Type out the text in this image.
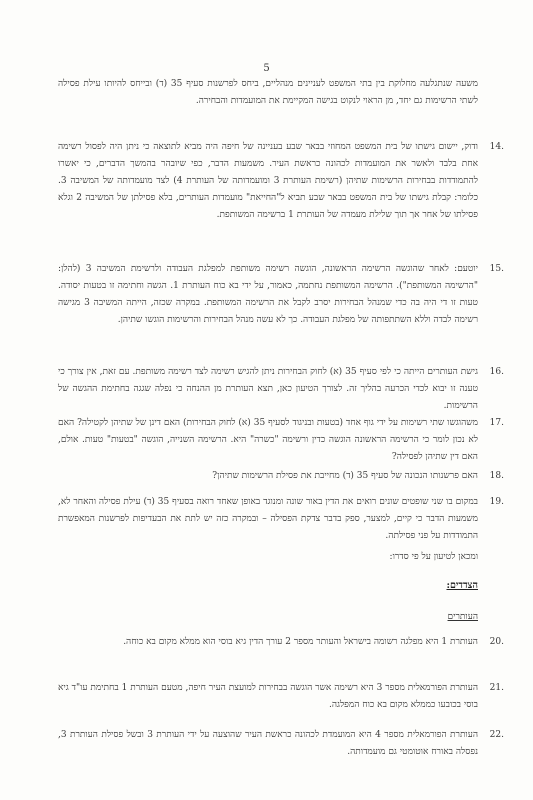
5
משעה שנתגלעה מחלוקת בין בתי המשפט לעניינים מנהליים, ביחס לפרשנות סעיף 35 (ד) ובייחס להיותו עילת פסילה לשתי הרשימות גם יחד, מן הראוי לנקוט בגישה המקיימת את המועמדות והבחירה.
14.
ודוק, יישום גישתו של בית המשפט המחוזי בבאר שבע בעניינה של חיפה היה מביא לתוצאה כי ניתן היה לפסול רשימה אחת בלבד ולאשר את המועמדות לכהונה כראשת העיר. משמעות הדבר, כפי שיובהר בהמשך הדברים, כי יאשרו להתמודדות בבחירות הרשימות שתיהן (רשימת העותרת 3 ומועמדותה של העותרת 4) לצד מועמדותה של המשיבה 3. כלומר: קבלת גישתו של בית המשפט בבאר שבע תביא ל"החייאת" מועמדות העותרים, בלא פסילתן של המשיבה 2 וגלא פסילתו של אחר אך תוך שלילת מעמדה של העותרת 1 ברשימה המשותפת.
15.
יוטעם: לאחר שהוגשה הרשימה הראשונה, הוגשה רשימה משותפת למפלגת העבודה ולרשימת המשיבה 3 (להלן: "הרשימה המשותפת"). הרשימה המשותפת נחתמה, כאמור, על ידי בא כוח העותרת 1. הגשה וחתימה זו בטעות יסודה. טעות זו די היה בה כדי שמנהל הבחירות יסרב לקבל את הרשימה המשותפת. במקרה שכזה, הייתה המשיבה 3 מגישה רשימה לבדה וללא השתתפותה של מפלגת העבודה. כך לא עשה מנהל הבחירות והרשימות הוגשו שתיהן.
16.
גישת העותרים הייתה כי לפי סעיף 35 (א) לחוק הבחירות ניתן להגיש רשימה לצד רשימה משותפת. עם זאת, אין צורך כי טענה זו יבוא לכדי הכרעה בהליך זה. לצורך הטיעון כאן, תצא העותרת מן ההנחה כי נפלה שגגה בחתימת ההגשה של הרשימות.
17.
משהוגשו שתי רשימות על ידי גוף אחד (בטעות ובניגוד לסעיף 35 (א) לחוק הבחירות) האם דינן של שתיהן לקטילה? האם לא נכון לומר כי הרשימה הראשונה הוגשה כדין ורשימה "כשרה" היא. הרשימה השנייה, הוגשה "בטעות" טעות. אולם, האם דין שתיהן לפסילה?
18.
האם פרשנותו הנכונה של סעיף 35 (ד) מחייבת את פסילת הרשימות שתיהן?
19.
במקום בו שני שופטים שונים רואים את הדין באור שונה ומנוגד באופן שאחד רואה בסעיף 35 (ד) עילת פסילה והאחר לא, משמעות הדבר כי קיים, למצער, ספק בדבר צדקת הפסילה – ובמקרה כזה יש לתת את הבעדיפות לפרשנות המאפשרת התמודדות על פני פסילתה.
ומכאן לטיעון על פי סדרו:
הצדדים:
העותרים
20.
העותרת 1 היא מפלגה רשומה בישראל והעותר מספר 2 עורך הדין גיא בוסי הוא ממלא מקום בא כוחה.
21.
העותרת הפורמאלית מספר 3 היא רשימה אשר הוגשה בבחירות למועצת העיר חיפה, מטעם העותרת 1 בחתימת עו"ד גיא בוסי בכובעו כממלא מקום בא כוח המפלגה.
22.
העותרת הפורמאלית מספר 4 היא המועמדת לכהונה כראשת העיר שהוצעה על ידי העותרת 3 ובשל פסילת העותרת 3, נפסלה באורח אוטומטי גם מועמדותה.
